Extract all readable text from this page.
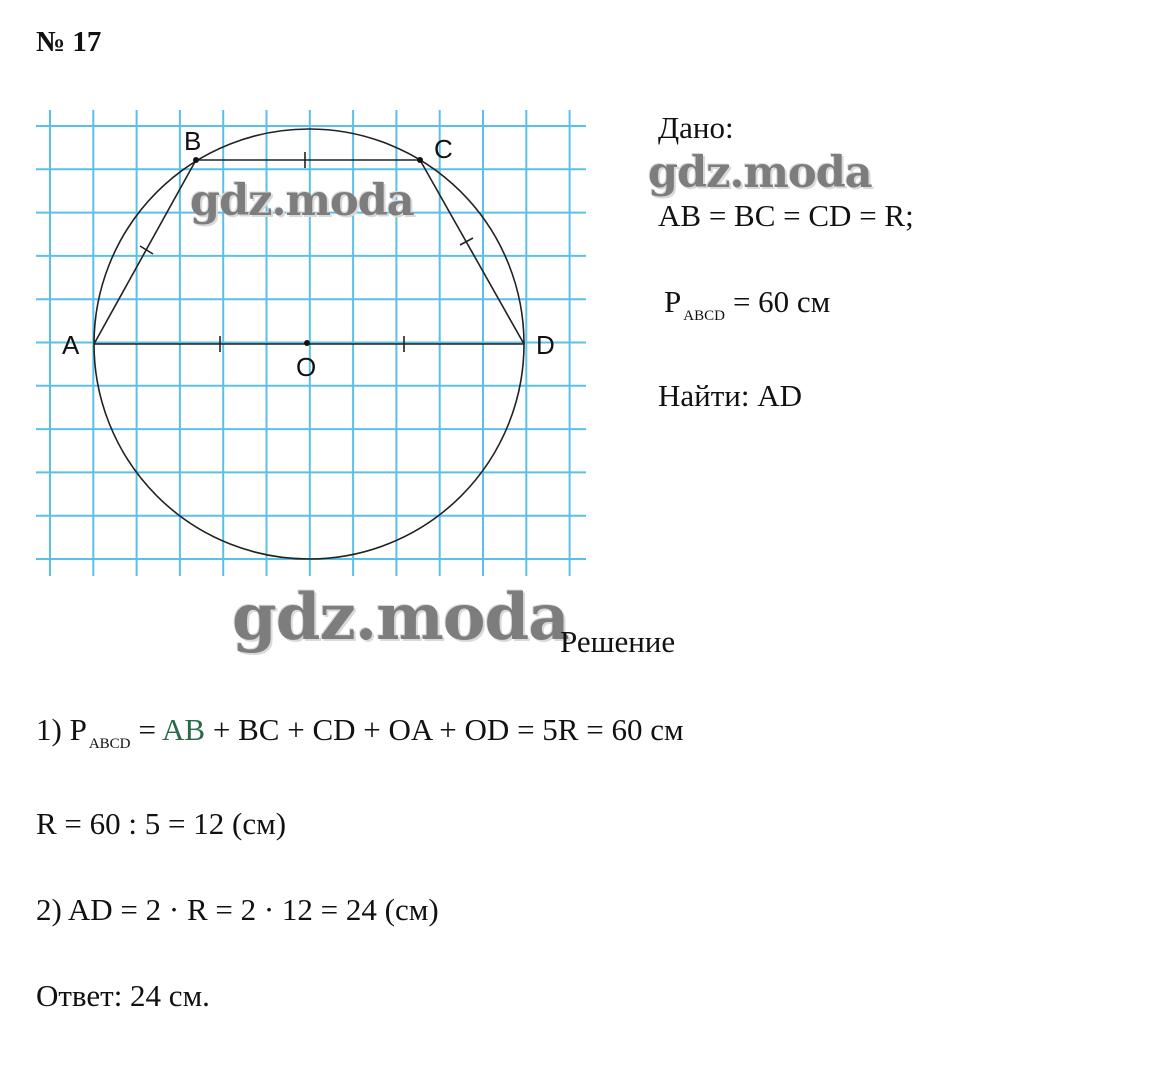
№ 17
A
B	C
D
O
gdz.moda
Дано:
AB = BC = CD = R;
P $_{ABCD}$ = 60 см
Найти: AD
gdz.moda
gdz.moda
Решение
1) P $_{ABCD}$ = AB + BC + CD + OA + OD = 5R = 60 см
R = 60 : 5 = 12 (см)
2) AD = 2 · R = 2 · 12 = 24 (см)
Ответ: 24 см.
